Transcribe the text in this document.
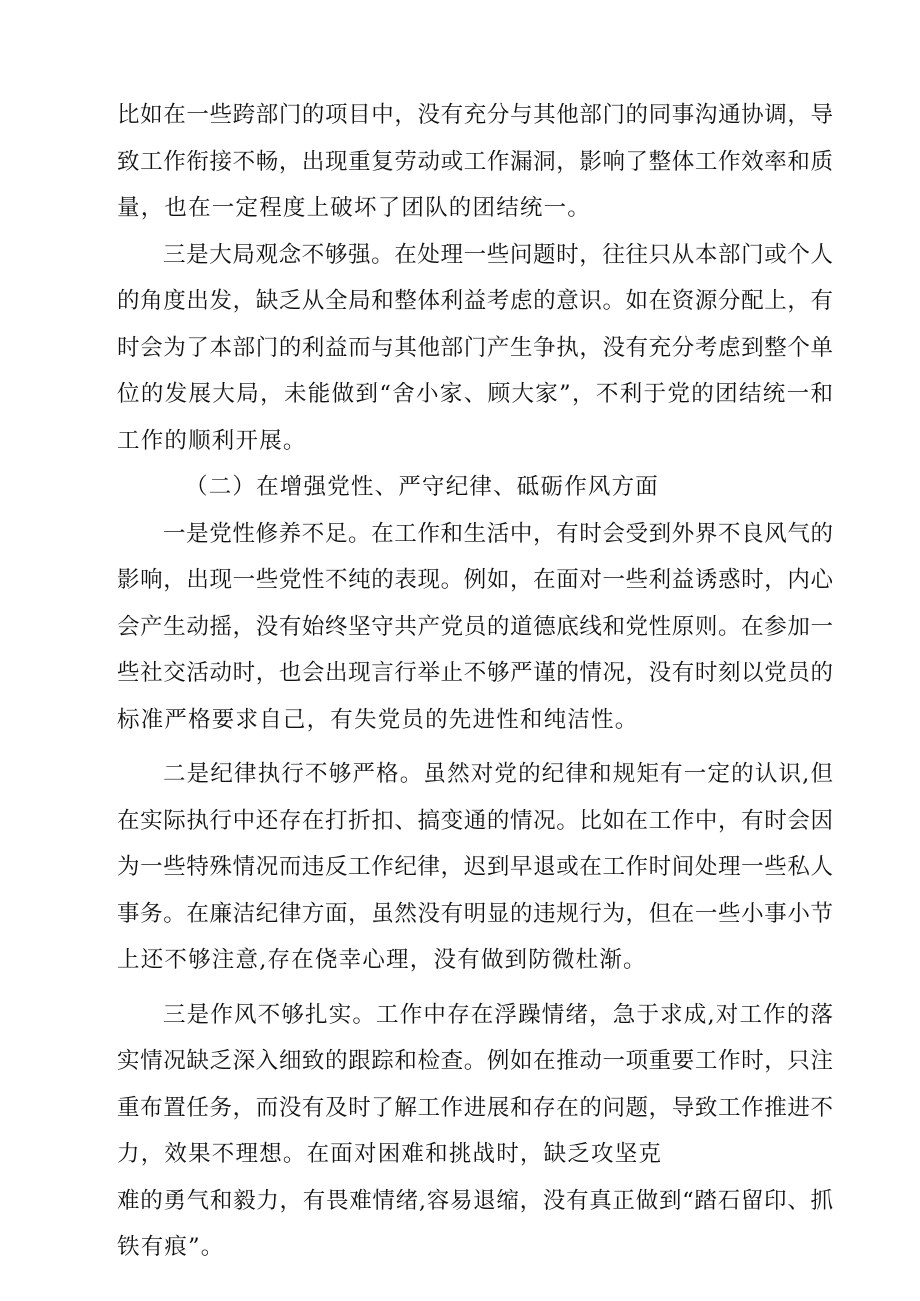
比如在一些跨部门的项目中，没有充分与其他部门的同事沟通协调，导
致工作衔接不畅，出现重复劳动或工作漏洞，影响了整体工作效率和质
量，也在一定程度上破坏了团队的团结统一。
三是大局观念不够强。在处理一些问题时，往往只从本部门或个人
的角度出发，缺乏从全局和整体利益考虑的意识。如在资源分配上，有
时会为了本部门的利益而与其他部门产生争执，没有充分考虑到整个单
位的发展大局，未能做到“舍小家、顾大家”，不利于党的团结统一和
工作的顺利开展。
（二）在增强党性、严守纪律、砥砺作风方面
一是党性修养不足。在工作和生活中，有时会受到外界不良风气的
影响，出现一些党性不纯的表现。例如，在面对一些利益诱惑时，内心
会产生动摇，没有始终坚守共产党员的道德底线和党性原则。在参加一
些社交活动时，也会出现言行举止不够严谨的情况，没有时刻以党员的
标准严格要求自己，有失党员的先进性和纯洁性。
二是纪律执行不够严格。虽然对党的纪律和规矩有一定的认识,但
在实际执行中还存在打折扣、搞变通的情况。比如在工作中，有时会因
为一些特殊情况而违反工作纪律，迟到早退或在工作时间处理一些私人
事务。在廉洁纪律方面，虽然没有明显的违规行为，但在一些小事小节
上还不够注意,存在侥幸心理，没有做到防微杜渐。
三是作风不够扎实。工作中存在浮躁情绪，急于求成,对工作的落
实情况缺乏深入细致的跟踪和检查。例如在推动一项重要工作时，只注
重布置任务，而没有及时了解工作进展和存在的问题，导致工作推进不
力，效果不理想。在面对困难和挑战时，缺乏攻坚克
难的勇气和毅力，有畏难情绪,容易退缩，没有真正做到“踏石留印、抓
铁有痕”。
